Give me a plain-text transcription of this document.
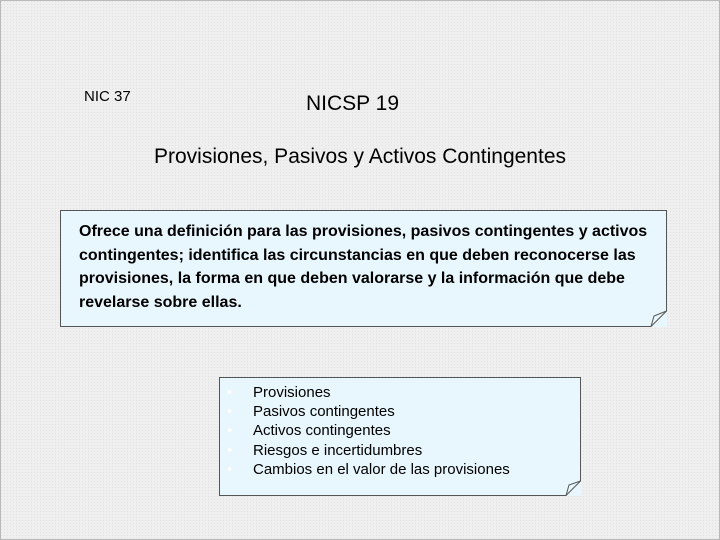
NIC 37	NICSP 19
Provisiones, Pasivos y Activos Contingentes

Ofrece una definición para las provisiones, pasivos contingentes y activos contingentes; identifica las circunstancias en que deben reconocerse las provisiones, la forma en que deben valorarse y la información que debe revelarse sobre ellas.

• Provisiones
• Pasivos contingentes
• Activos contingentes
• Riesgos e incertidumbres
• Cambios en el valor de las provisiones
